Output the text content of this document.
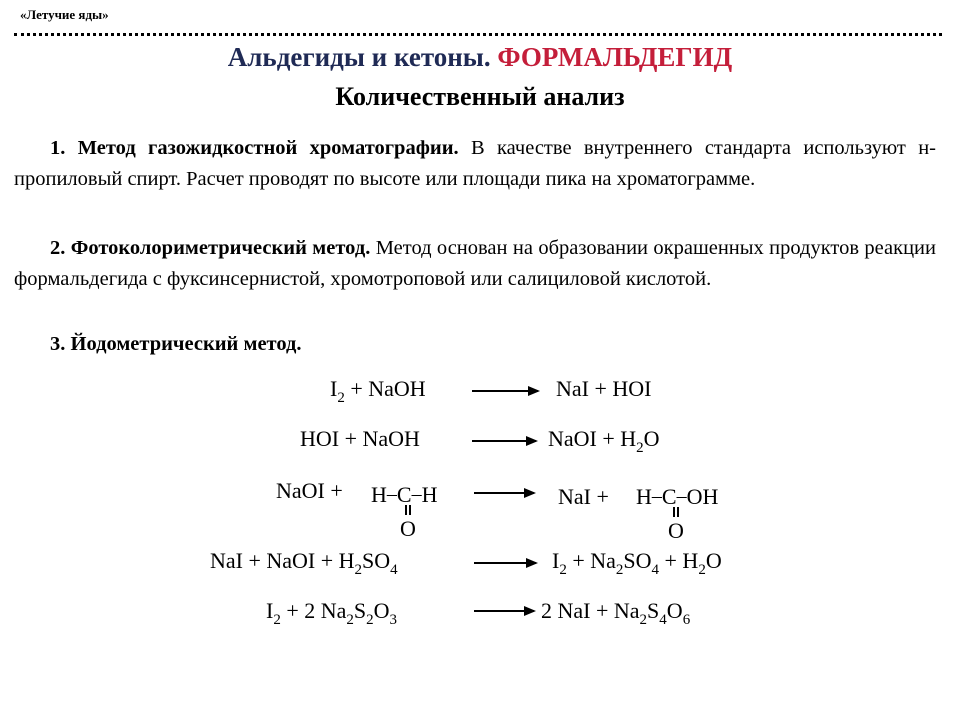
«Летучие яды»
Альдегиды и кетоны. ФОРМАЛЬДЕГИД
Количественный анализ
1. Метод газожидкостной хроматографии. В качестве внутреннего стандарта используют н-пропиловый спирт. Расчет проводят по высоте или площади пика на хроматограмме.
2. Фотоколориметрический метод. Метод основан на образовании окрашенных продуктов реакции формальдегида с фуксинсернистой, хромотроповой или салициловой кислотой.
3. Йодометрический метод.
$I_2$ + NaOH	NaI + HOI
HOI + NaOH	→ NaOI + $H_2O$
NaOI + H–C–H
O
→ NaI + H–C–OH
O
NaI + NaOI + $H_2SO_4$	→ $I_2 + Na_2SO_4 + H_2O$
$I_2 + 2$ $Na_2S_2O_3 \to 2$ NaI + $Na_2S_4O_6$
